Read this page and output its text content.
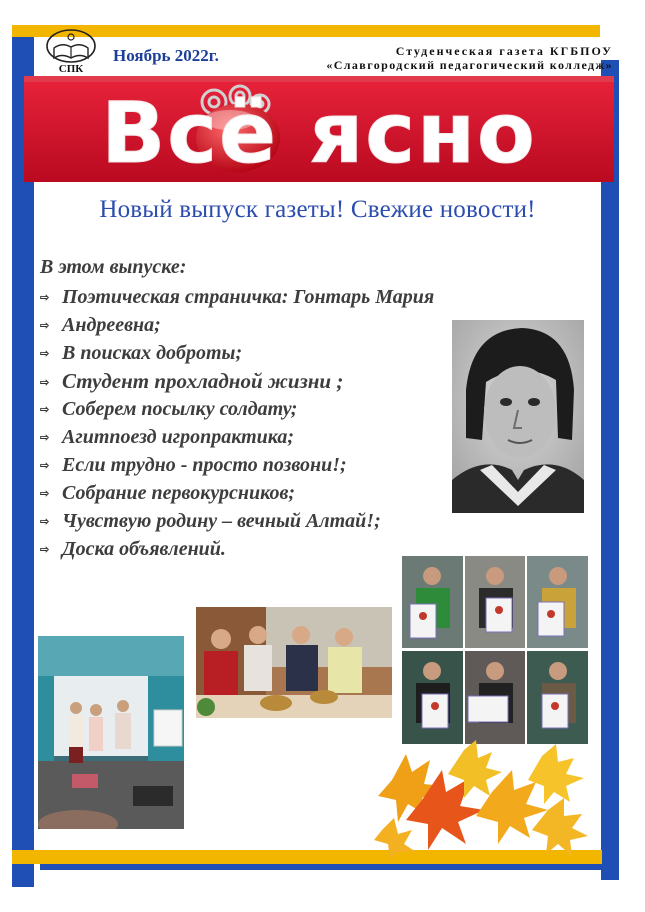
СПК
Ноябрь 2022г.	Студенческая газета КГБПОУ
«Славгородский педагогический колледж»
Всё ясно
Новый выпуск газеты! Свежие новости!
В этом выпуске:
⇨ Поэтическая страничка: Гонтарь Мария
⇨ Андреевна;
⇨ В поисках доброты;
⇨ Студент прохладной жизни ;
⇨ Соберем посылку солдату;
⇨ Агитпоезд игропрактика;
⇨ Если трудно - просто позвони!;
⇨ Собрание первокурсников;
⇨ Чувствую родину – вечный Алтай!;
⇨ Доска объявлений.
